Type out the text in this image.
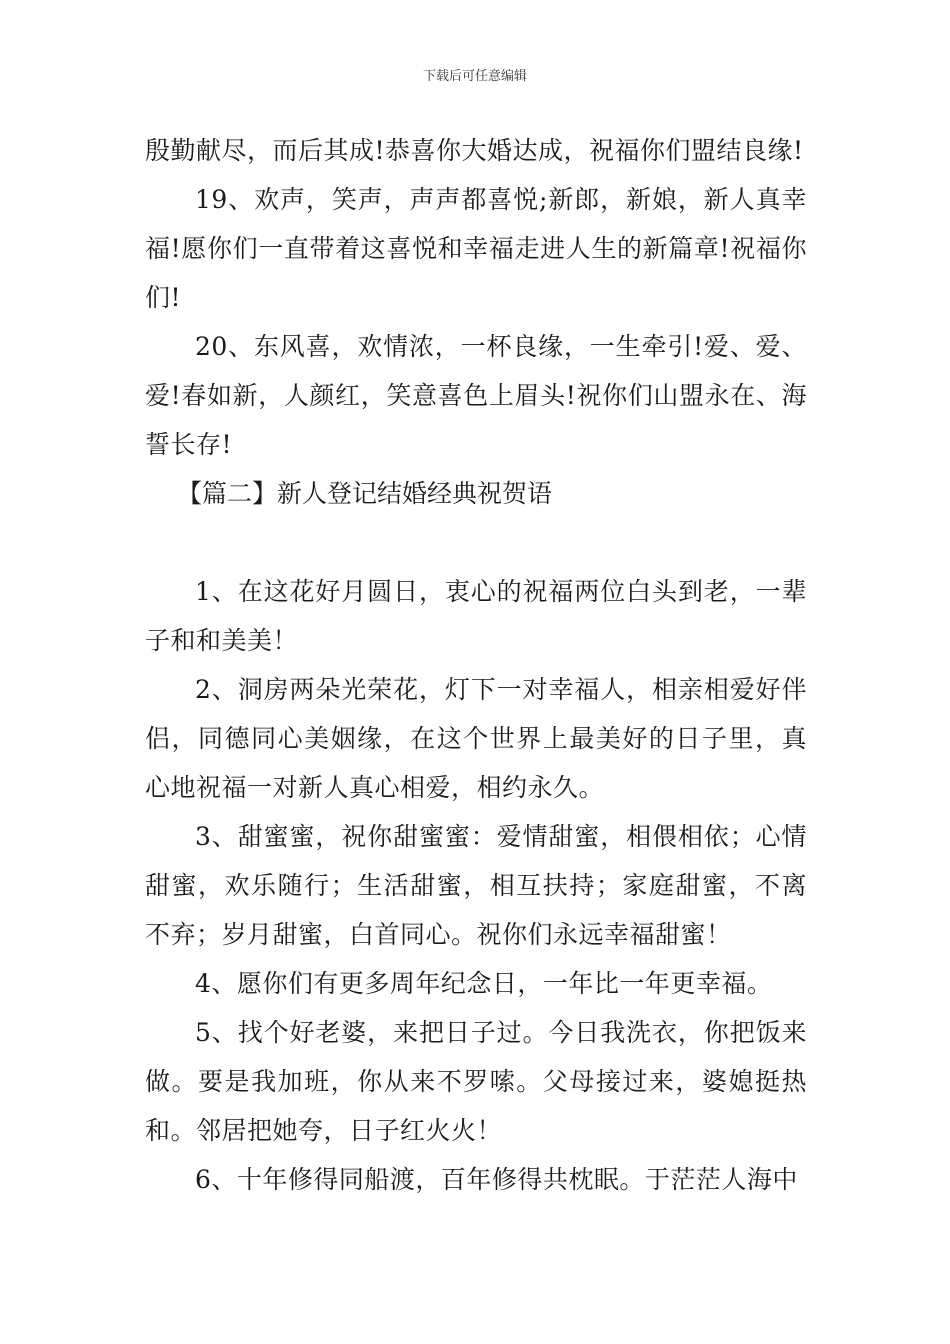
下载后可任意编辑

殷勤献尽，而后其成!恭喜你大婚达成，祝福你们盟结良缘!

19、欢声，笑声，声声都喜悦;新郎，新娘，新人真幸福!愿你们一直带着这喜悦和幸福走进人生的新篇章!祝福你们!

20、东风喜，欢情浓，一杯良缘，一生牵引!爱、爱、爱!春如新，人颜红，笑意喜色上眉头!祝你们山盟永在、海誓长存!

【篇二】新人登记结婚经典祝贺语

1、在这花好月圆日，衷心的祝福两位白头到老，一辈子和和美美！

2、洞房两朵光荣花，灯下一对幸福人，相亲相爱好伴侣，同德同心美姻缘，在这个世界上最美好的日子里，真心地祝福一对新人真心相爱，相约永久。

3、甜蜜蜜，祝你甜蜜蜜：爱情甜蜜，相偎相依；心情甜蜜，欢乐随行；生活甜蜜，相互扶持；家庭甜蜜，不离不弃；岁月甜蜜，白首同心。祝你们永远幸福甜蜜！

4、愿你们有更多周年纪念日，一年比一年更幸福。

5、找个好老婆，来把日子过。今日我洗衣，你把饭来做。要是我加班，你从来不罗嗦。父母接过来，婆媳挺热和。邻居把她夸，日子红火火！

6、十年修得同船渡，百年修得共枕眠。于茫茫人海中
